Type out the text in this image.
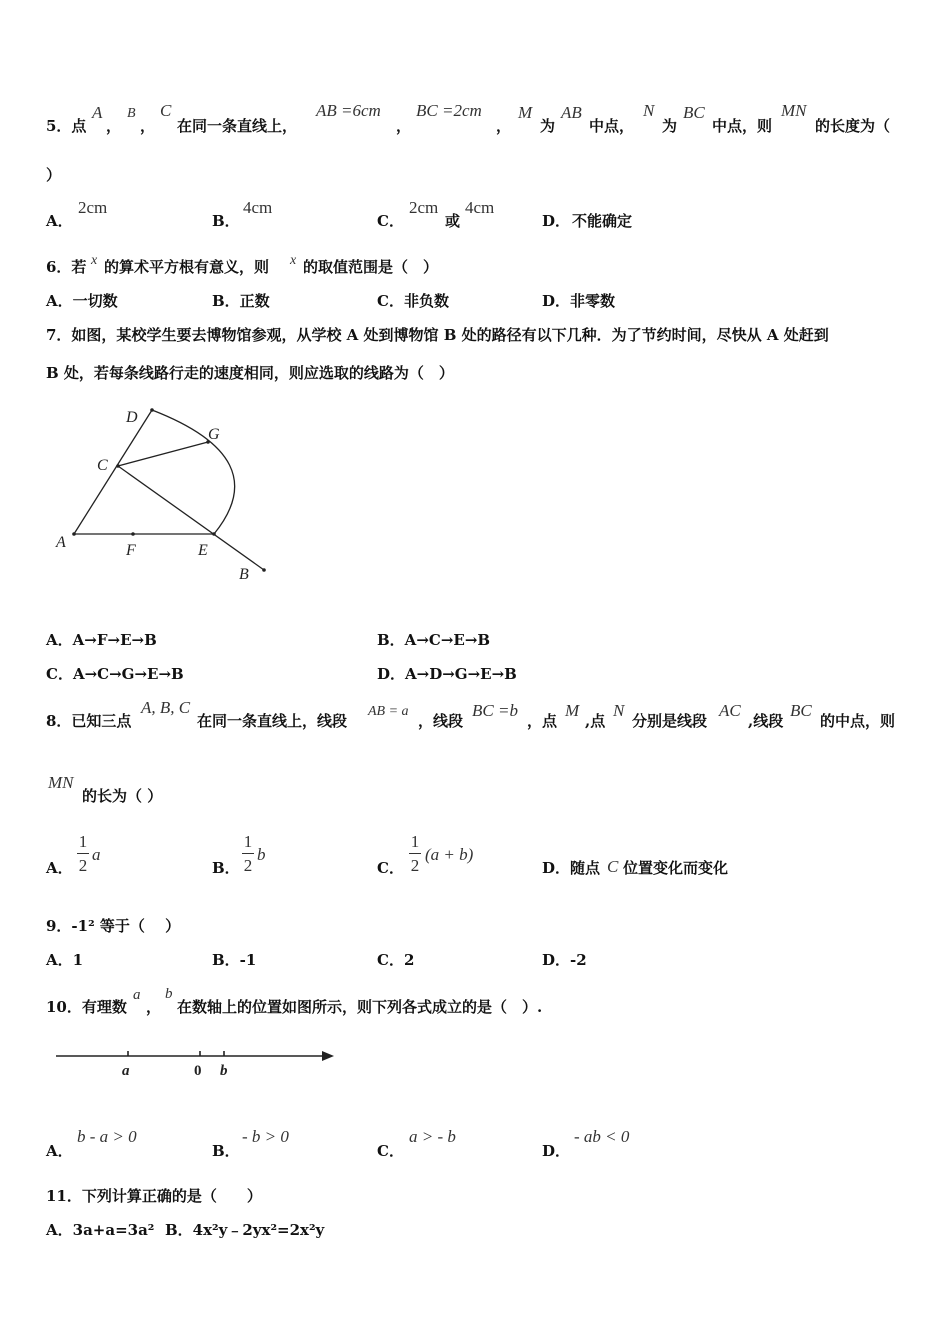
5．点
A
，
B
，
C
在同一条直线上，
AB =6cm
，
BC =2cm
，
M
为
AB
中点，
N
为
BC
中点，则
MN
的长度为（
）
A．
2cm
B．
4cm
C．
2cm
或
4cm
D． 不能确定
6．若 x 的算术平方根有意义，则 x 的取值范围是（　）
A．一切数	B．正数	C．非负数	D．非零数
7．如图，某校学生要去博物馆参观，从学校 A 处到博物馆 B 处的路径有以下几种．为了节约时间，尽快从 A 处赶到
B 处，若每条线路行走的速度相同，则应选取的线路为（　）
D
G
C
A	F	E
B
A．A→F→E→B	B．A→C→E→B
C．A→C→G→E→B	D．A→D→G→E→B
8．已知三点
A, B, C
在同一条直线上，线段
AB = a
，线段
BC =b
，点
M
,点
N
分别是线段
AC
,线段
BC
的中点，则
MN
的长为（ ）
A．
1
2
a
B．
1
2
b
C．
1
2
(a + b)
D．随点 C 位置变化而变化
9．-1² 等于（　 ）
A．1	B．-1	C．2	D．-2
10．有理数
a
，
b
在数轴上的位置如图所示，则下列各式成立的是（　）.
a	0 b
A．
b - a > 0
B．
- b > 0
C．
a > - b
D．
- ab < 0
11．下列计算正确的是（　　）
A．3a+a=3a² B．4x²y﹣2yx²=2x²y
